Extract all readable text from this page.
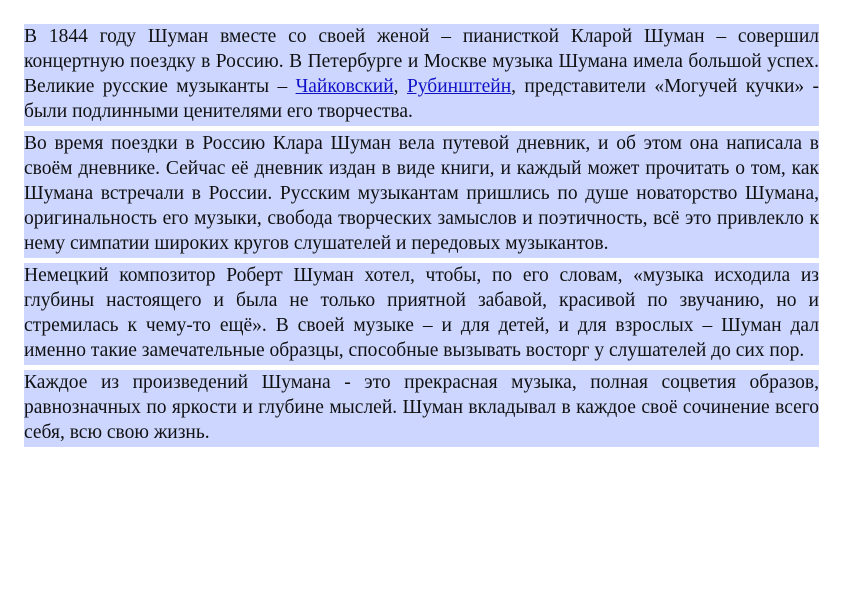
В 1844 году Шуман вместе со своей женой – пианисткой Кларой Шуман – совершил концертную поездку в Россию. В Петербурге и Москве музыка Шумана имела большой успех. Великие русские музыканты – Чайковский, Рубинштейн, представители «Могучей кучки» - были подлинными ценителями его творчества.

Во время поездки в Россию Клара Шуман вела путевой дневник, и об этом она написала в своём дневнике. Сейчас её дневник издан в виде книги, и каждый может прочитать о том, как Шумана встречали в России. Русским музыкантам пришлись по душе новаторство Шумана, оригинальность его музыки, свобода творческих замыслов и поэтичность, всё это привлекло к нему симпатии широких кругов слушателей и передовых музыкантов.

Немецкий композитор Роберт Шуман хотел, чтобы, по его словам, «музыка исходила из глубины настоящего и была не только приятной забавой, красивой по звучанию, но и стремилась к чему-то ещё». В своей музыке – и для детей, и для взрослых – Шуман дал именно такие замечательные образцы, способные вызывать восторг у слушателей до сих пор.

Каждое из произведений Шумана - это прекрасная музыка, полная соцветия образов, равнозначных по яркости и глубине мыслей. Шуман вкладывал в каждое своё сочинение всего себя, всю свою жизнь.
